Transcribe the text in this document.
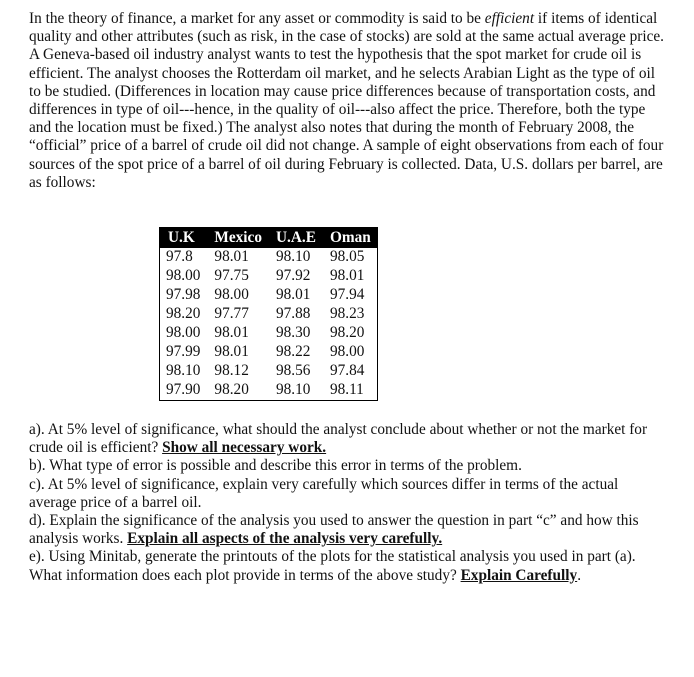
In the theory of finance, a market for any asset or commodity is said to be efficient if items of identical quality and other attributes (such as risk, in the case of stocks) are sold at the same actual average price. A Geneva-based oil industry analyst wants to test the hypothesis that the spot market for crude oil is efficient. The analyst chooses the Rotterdam oil market, and he selects Arabian Light as the type of oil to be studied. (Differences in location may cause price differences because of transportation costs, and differences in type of oil---hence, in the quality of oil---also affect the price. Therefore, both the type and the location must be fixed.) The analyst also notes that during the month of February 2008, the “official” price of a barrel of crude oil did not change. A sample of eight observations from each of four sources of the spot price of a barrel of oil during February is collected. Data, U.S. dollars per barrel, are as follows:

U.K	Mexico	U.A.E	Oman
97.8	98.01	98.10	98.05
98.00	97.75	97.92	98.01
97.98	98.00	98.01	97.94
98.20	97.77	97.88	98.23
98.00	98.01	98.30	98.20
97.99	98.01	98.22	98.00
98.10	98.12	98.56	97.84
97.90	98.20	98.10	98.11

a). At 5% level of significance, what should the analyst conclude about whether or not the market for crude oil is efficient? Show all necessary work.

b). What type of error is possible and describe this error in terms of the problem.

c). At 5% level of significance, explain very carefully which sources differ in terms of the actual average price of a barrel oil.

d). Explain the significance of the analysis you used to answer the question in part “c” and how this analysis works. Explain all aspects of the analysis very carefully.

e). Using Minitab, generate the printouts of the plots for the statistical analysis you used in part (a). What information does each plot provide in terms of the above study? Explain Carefully.
